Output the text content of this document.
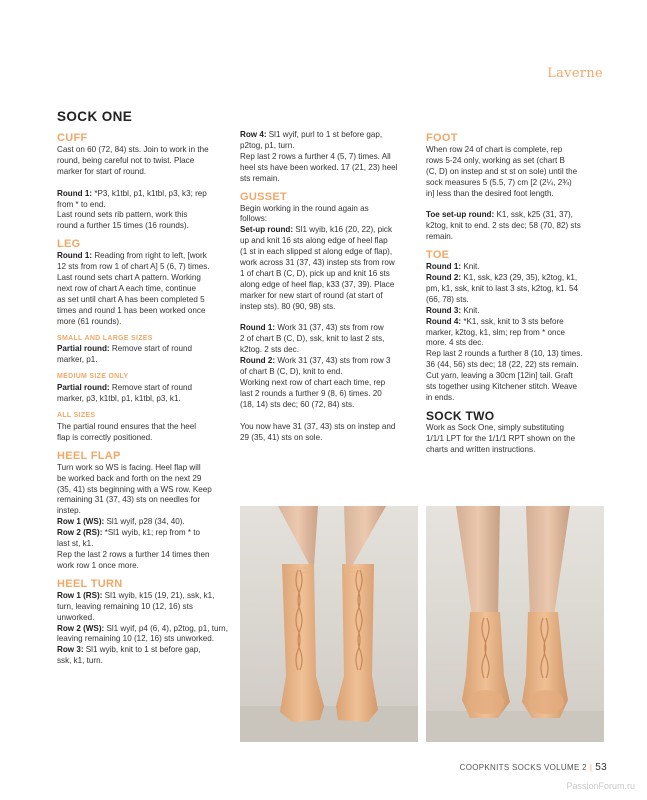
Laverne
SOCK ONE
CUFF

Cast on 60 (72, 84) sts. Join to work in the

round, being careful not to twist. Place

marker for start of round.

Round 1: *P3, k1tbl, p1, k1tbl, p3, k3; rep

from * to end.

Last round sets rib pattern, work this

round a further 15 times (16 rounds).

LEG

Round 1: Reading from right to left, [work

12 sts from row 1 of chart A] 5 (6, 7) times.

Last round sets chart A pattern. Working

next row of chart A each time, continue

as set until chart A has been completed 5

times and round 1 has been worked once

more (61 rounds).

SMALL AND LARGE SIZES

Partial round: Remove start of round

marker, p1.

MEDIUM SIZE ONLY

Partial round: Remove start of round

marker, p3, k1tbl, p1, k1tbl, p3, k1.

ALL SIZES

The partial round ensures that the heel

flap is correctly positioned.

HEEL FLAP

Turn work so WS is facing. Heel flap will

be worked back and forth on the next 29

(35, 41) sts beginning with a WS row. Keep

remaining 31 (37, 43) sts on needles for

instep.

Row 1 (WS): Sl1 wyif, p28 (34, 40).

Row 2 (RS): *Sl1 wyib, k1; rep from * to

last st, k1.

Rep the last 2 rows a further 14 times then

work row 1 once more.

HEEL TURN

Row 1 (RS): Sl1 wyib, k15 (19, 21), ssk, k1,

turn, leaving remaining 10 (12, 16) sts

unworked.

Row 2 (WS): Sl1 wyif, p4 (6, 4), p2tog, p1, turn,

leaving remaining 10 (12, 16) sts unworked.

Row 3: Sl1 wyib, knit to 1 st before gap,

ssk, k1, turn.

Row 4: Sl1 wyif, purl to 1 st before gap,

p2tog, p1, turn.

Rep last 2 rows a further 4 (5, 7) times. All

heel sts have been worked. 17 (21, 23) heel

sts remain.

GUSSET

Begin working in the round again as

follows:

Set-up round: Sl1 wyib, k16 (20, 22), pick

up and knit 16 sts along edge of heel flap

(1 st in each slipped st along edge of flap),

work across 31 (37, 43) instep sts from row

1 of chart B (C, D), pick up and knit 16 sts

along edge of heel flap, k33 (37, 39). Place

marker for new start of round (at start of

instep sts). 80 (90, 98) sts.

Round 1: Work 31 (37, 43) sts from row

2 of chart B (C, D), ssk, knit to last 2 sts,

k2tog. 2 sts dec.

Round 2: Work 31 (37, 43) sts from row 3

of chart B (C, D), knit to end.

Working next row of chart each time, rep

last 2 rounds a further 9 (8, 6) times. 20

(18, 14) sts dec; 60 (72, 84) sts.

You now have 31 (37, 43) sts on instep and

29 (35, 41) sts on sole.

FOOT

When row 24 of chart is complete, rep

rows 5-24 only, working as set (chart B

(C, D) on instep and st st on sole) until the

sock measures 5 (5.5, 7) cm [2 (2¼, 2¾)

in] less than the desired foot length.

Toe set-up round: K1, ssk, k25 (31, 37),

k2tog, knit to end. 2 sts dec; 58 (70, 82) sts

remain.

TOE

Round 1: Knit.

Round 2: K1, ssk, k23 (29, 35), k2tog, k1,

pm, k1, ssk, knit to last 3 sts, k2tog, k1. 54

(66, 78) sts.

Round 3: Knit.

Round 4: *K1, ssk, knit to 3 sts before

marker, k2tog, k1, slm; rep from * once

more. 4 sts dec.

Rep last 2 rounds a further 8 (10, 13) times.

36 (44, 56) sts dec; 18 (22, 22) sts remain.

Cut yarn, leaving a 30cm [12in] tail. Graft

sts together using Kitchener stitch. Weave

in ends.

SOCK TWO

Work as Sock One, simply substituting

1/1/1 LPT for the 1/1/1 RPT shown on the

charts and written instructions.

COOPKNITS SOCKS VOLUME 2 | 53
PassionForum.ru
